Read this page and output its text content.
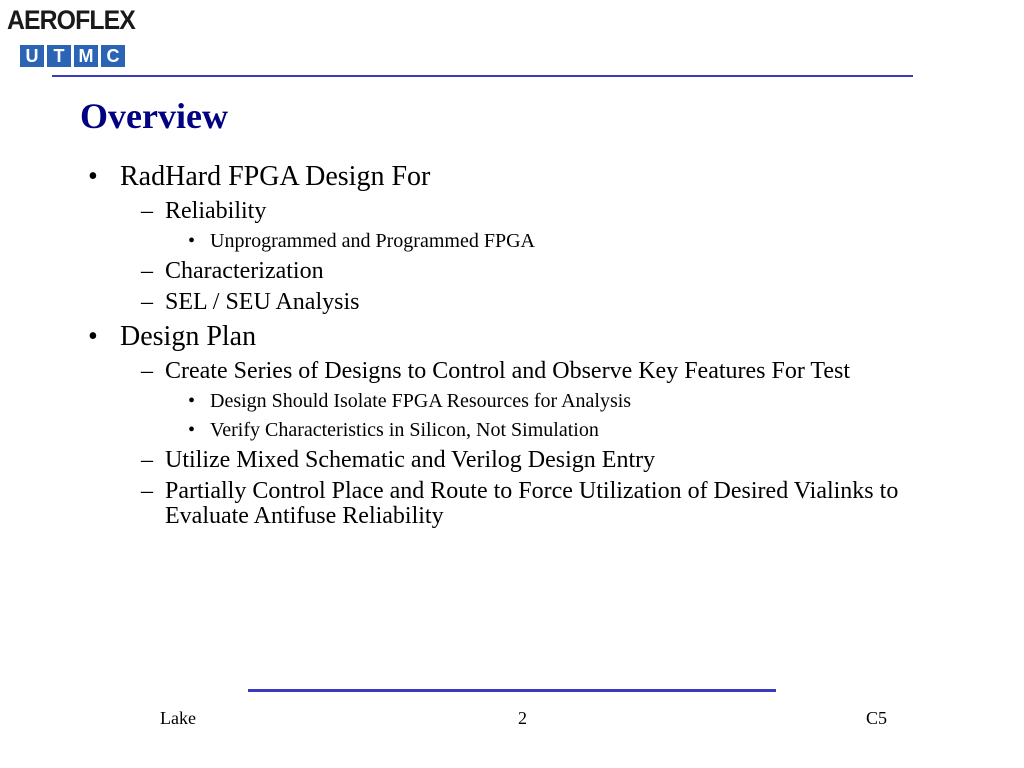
AEROFLEX
U T M C
Overview
• RadHard FPGA Design For
– Reliability
• Unprogrammed and Programmed FPGA
– Characterization
– SEL / SEU Analysis
• Design Plan
– Create Series of Designs to Control and Observe Key Features For Test
• Design Should Isolate FPGA Resources for Analysis
• Verify Characteristics in Silicon, Not Simulation
– Utilize Mixed Schematic and Verilog Design Entry
– Partially Control Place and Route to Force Utilization of Desired Vialinks to Evaluate Antifuse Reliability
Lake	2	C5
